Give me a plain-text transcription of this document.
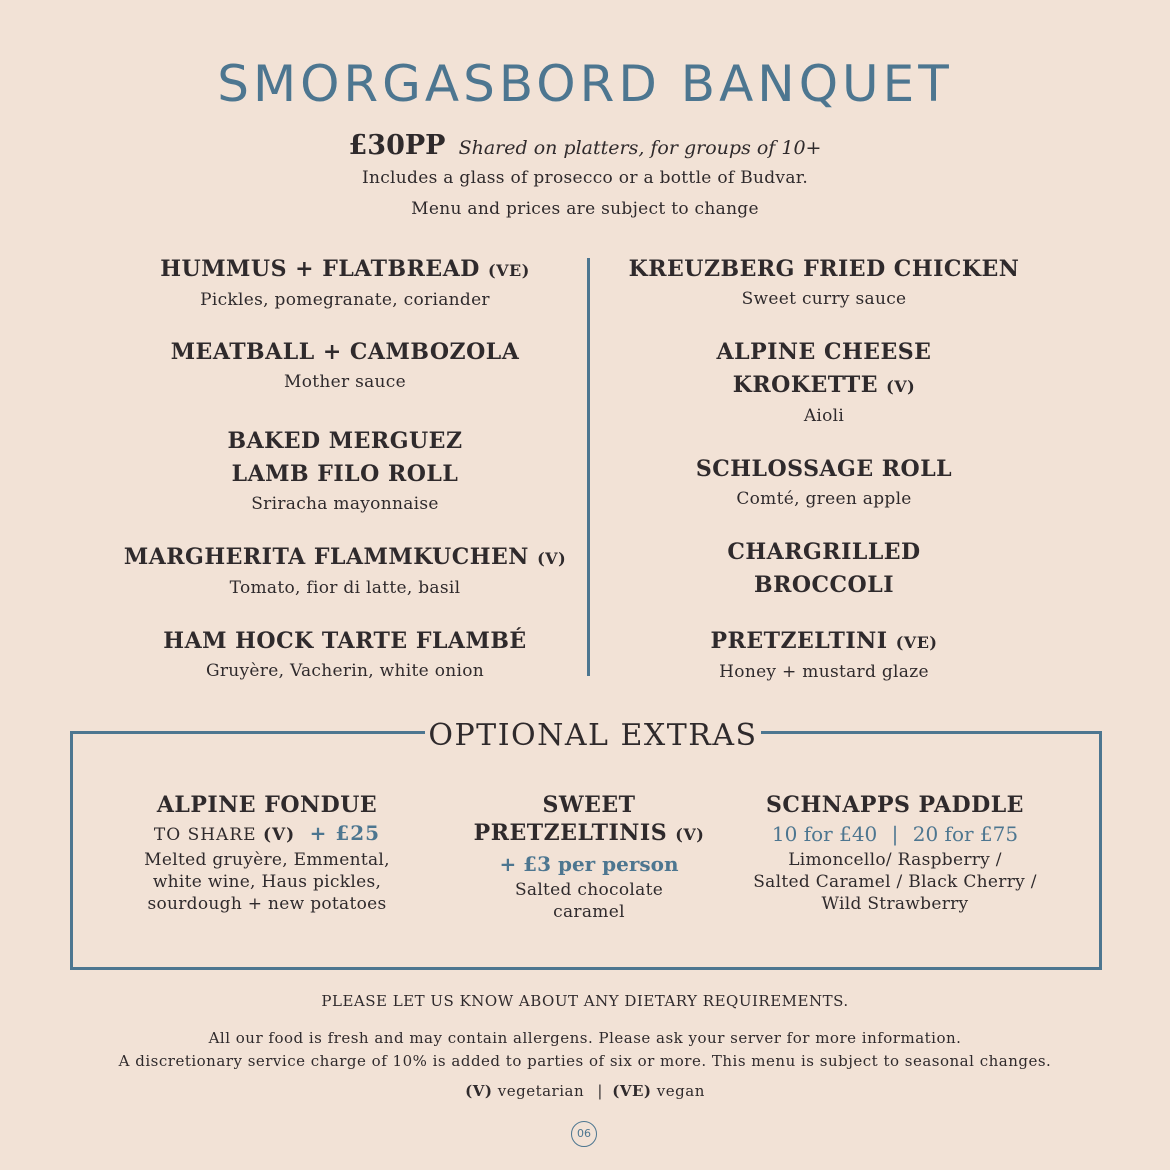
SMORGASBORD BANQUET
£30PP Shared on platters, for groups of 10+
Includes a glass of prosecco or a bottle of Budvar.
Menu and prices are subject to change
HUMMUS + FLATBREAD (VE)
Pickles, pomegranate, coriander
MEATBALL + CAMBOZOLA
Mother sauce
BAKED MERGUEZ
LAMB FILO ROLL
Sriracha mayonnaise
MARGHERITA FLAMMKUCHEN (V)
Tomato, fior di latte, basil
HAM HOCK TARTE FLAMBÉ
Gruyère, Vacherin, white onion
KREUZBERG FRIED CHICKEN
Sweet curry sauce
ALPINE CHEESE
KROKETTE (V)
Aioli
SCHLOSSAGE ROLL
Comté, green apple
CHARGRILLED
BROCCOLI
PRETZELTINI (VE)
Honey + mustard glaze
OPTIONAL EXTRAS
ALPINE FONDUE
TO SHARE (V) + £25
Melted gruyère, Emmental,
white wine, Haus pickles,
sourdough + new potatoes
SWEET
PRETZELTINIS (V)
+ £3 per person
Salted chocolate
caramel
SCHNAPPS PADDLE
10 for £40 | 20 for £75
Limoncello/ Raspberry /
Salted Caramel / Black Cherry /
Wild Strawberry
PLEASE LET US KNOW ABOUT ANY DIETARY REQUIREMENTS.
All our food is fresh and may contain allergens. Please ask your server for more information.
A discretionary service charge of 10% is added to parties of six or more. This menu is subject to seasonal changes.
(V) vegetarian | (VE) vegan
06
